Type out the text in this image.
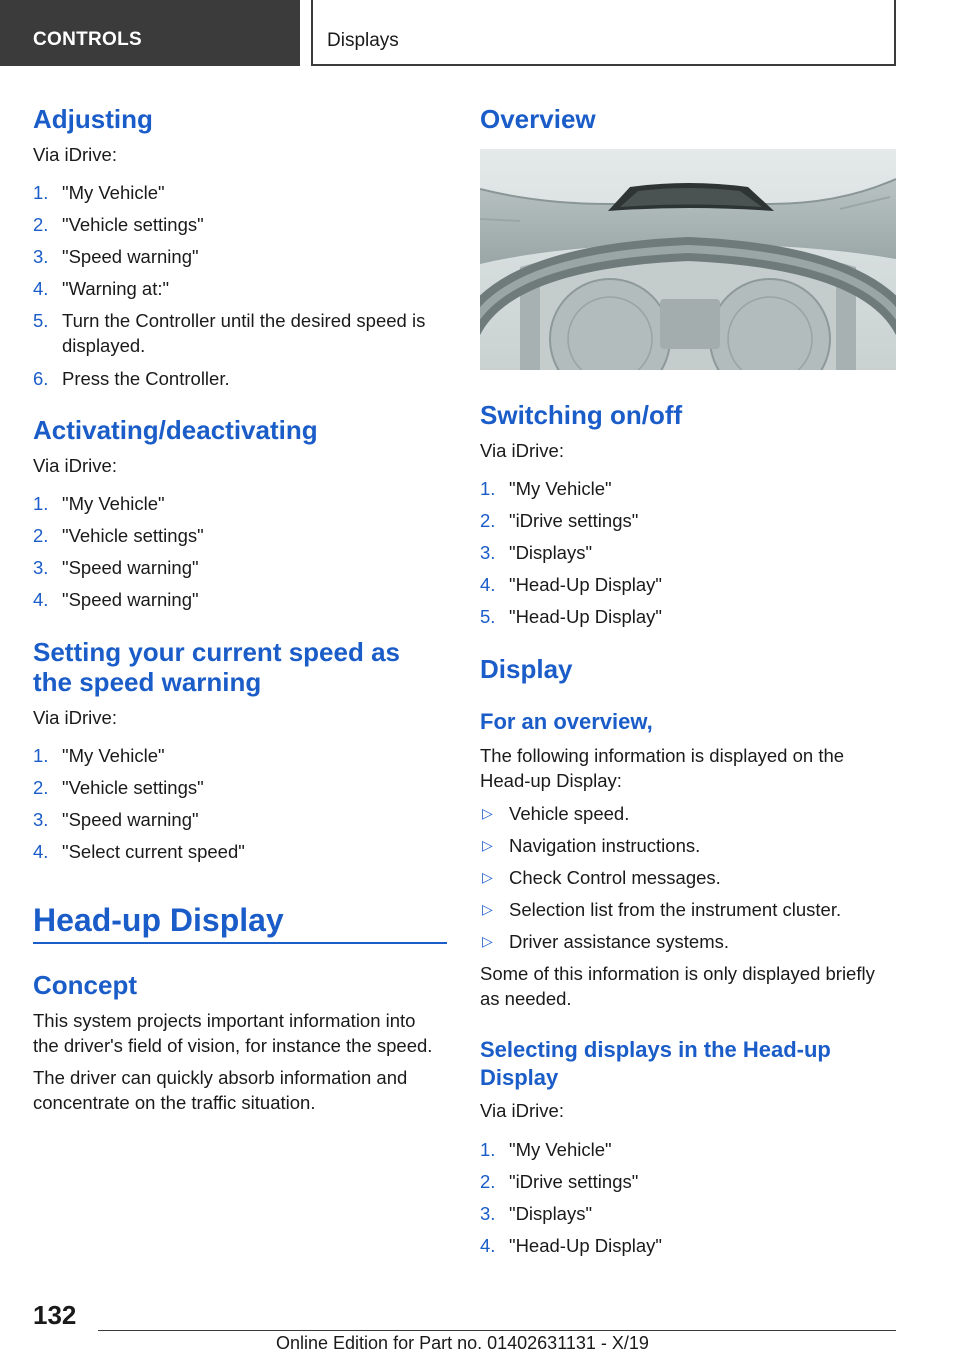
CONTROLS	Displays
Adjusting
Via iDrive:
1. "My Vehicle"
2. "Vehicle settings"
3. "Speed warning"
4. "Warning at:"
5. Turn the Controller until the desired speed is
displayed.
6. Press the Controller.
Activating/deactivating
Via iDrive:
1. "My Vehicle"
2. "Vehicle settings"
3. "Speed warning"
4. "Speed warning"
Setting your current speed as
the speed warning
Via iDrive:
1. "My Vehicle"
2. "Vehicle settings"
3. "Speed warning"
4. "Select current speed"
Head-up Display
Concept
This system projects important information into
the driver's field of vision, for instance the speed.
The driver can quickly absorb information and
concentrate on the traffic situation.
Overview
Switching on/off
Via iDrive:
1. "My Vehicle"
2. "iDrive settings"
3. "Displays"
4. "Head-Up Display"
5. "Head-Up Display"
Display
For an overview,
The following information is displayed on the
Head-up Display:
▷ Vehicle speed.
▷ Navigation instructions.
▷ Check Control messages.
▷ Selection list from the instrument cluster.
▷ Driver assistance systems.
Some of this information is only displayed briefly
as needed.
Selecting displays in the Head-up
Display
Via iDrive:
1. "My Vehicle"
2. "iDrive settings"
3. "Displays"
4. "Head-Up Display"
132
Online Edition for Part no. 01402631131 - X/19
